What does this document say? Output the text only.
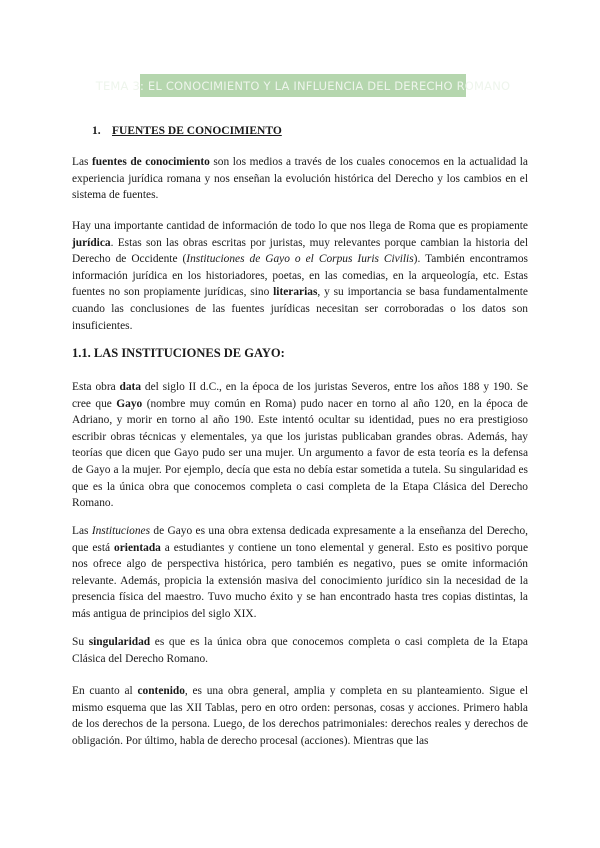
TEMA 3: EL CONOCIMIENTO Y LA INFLUENCIA DEL DERECHO ROMANO
1. FUENTES DE CONOCIMIENTO

Las fuentes de conocimiento son los medios a través de los cuales conocemos en la actualidad la experiencia jurídica romana y nos enseñan la evolución histórica del Derecho y los cambios en el sistema de fuentes.

Hay una importante cantidad de información de todo lo que nos llega de Roma que es propiamente jurídica. Estas son las obras escritas por juristas, muy relevantes porque cambian la historia del Derecho de Occidente (Instituciones de Gayo o el Corpus Iuris Civilis). También encontramos información jurídica en los historiadores, poetas, en las comedias, en la arqueología, etc. Estas fuentes no son propiamente jurídicas, sino literarias, y su importancia se basa fundamentalmente cuando las conclusiones de las fuentes jurídicas necesitan ser corroboradas o los datos son insuficientes.

1.1. LAS INSTITUCIONES DE GAYO:

Esta obra data del siglo II d.C., en la época de los juristas Severos, entre los años 188 y 190. Se cree que Gayo (nombre muy común en Roma) pudo nacer en torno al año 120, en la época de Adriano, y morir en torno al año 190. Este intentó ocultar su identidad, pues no era prestigioso escribir obras técnicas y elementales, ya que los juristas publicaban grandes obras. Además, hay teorías que dicen que Gayo pudo ser una mujer. Un argumento a favor de esta teoría es la defensa de Gayo a la mujer. Por ejemplo, decía que esta no debía estar sometida a tutela. Su singularidad es que es la única obra que conocemos completa o casi completa de la Etapa Clásica del Derecho Romano.

Las Instituciones de Gayo es una obra extensa dedicada expresamente a la enseñanza del Derecho, que está orientada a estudiantes y contiene un tono elemental y general. Esto es positivo porque nos ofrece algo de perspectiva histórica, pero también es negativo, pues se omite información relevante. Además, propicia la extensión masiva del conocimiento jurídico sin la necesidad de la presencia física del maestro. Tuvo mucho éxito y se han encontrado hasta tres copias distintas, la más antigua de principios del siglo XIX.

Su singularidad es que es la única obra que conocemos completa o casi completa de la Etapa Clásica del Derecho Romano.

En cuanto al contenido, es una obra general, amplia y completa en su planteamiento. Sigue el mismo esquema que las XII Tablas, pero en otro orden: personas, cosas y acciones. Primero habla de los derechos de la persona. Luego, de los derechos patrimoniales: derechos reales y derechos de obligación. Por último, habla de derecho procesal (acciones). Mientras que las
